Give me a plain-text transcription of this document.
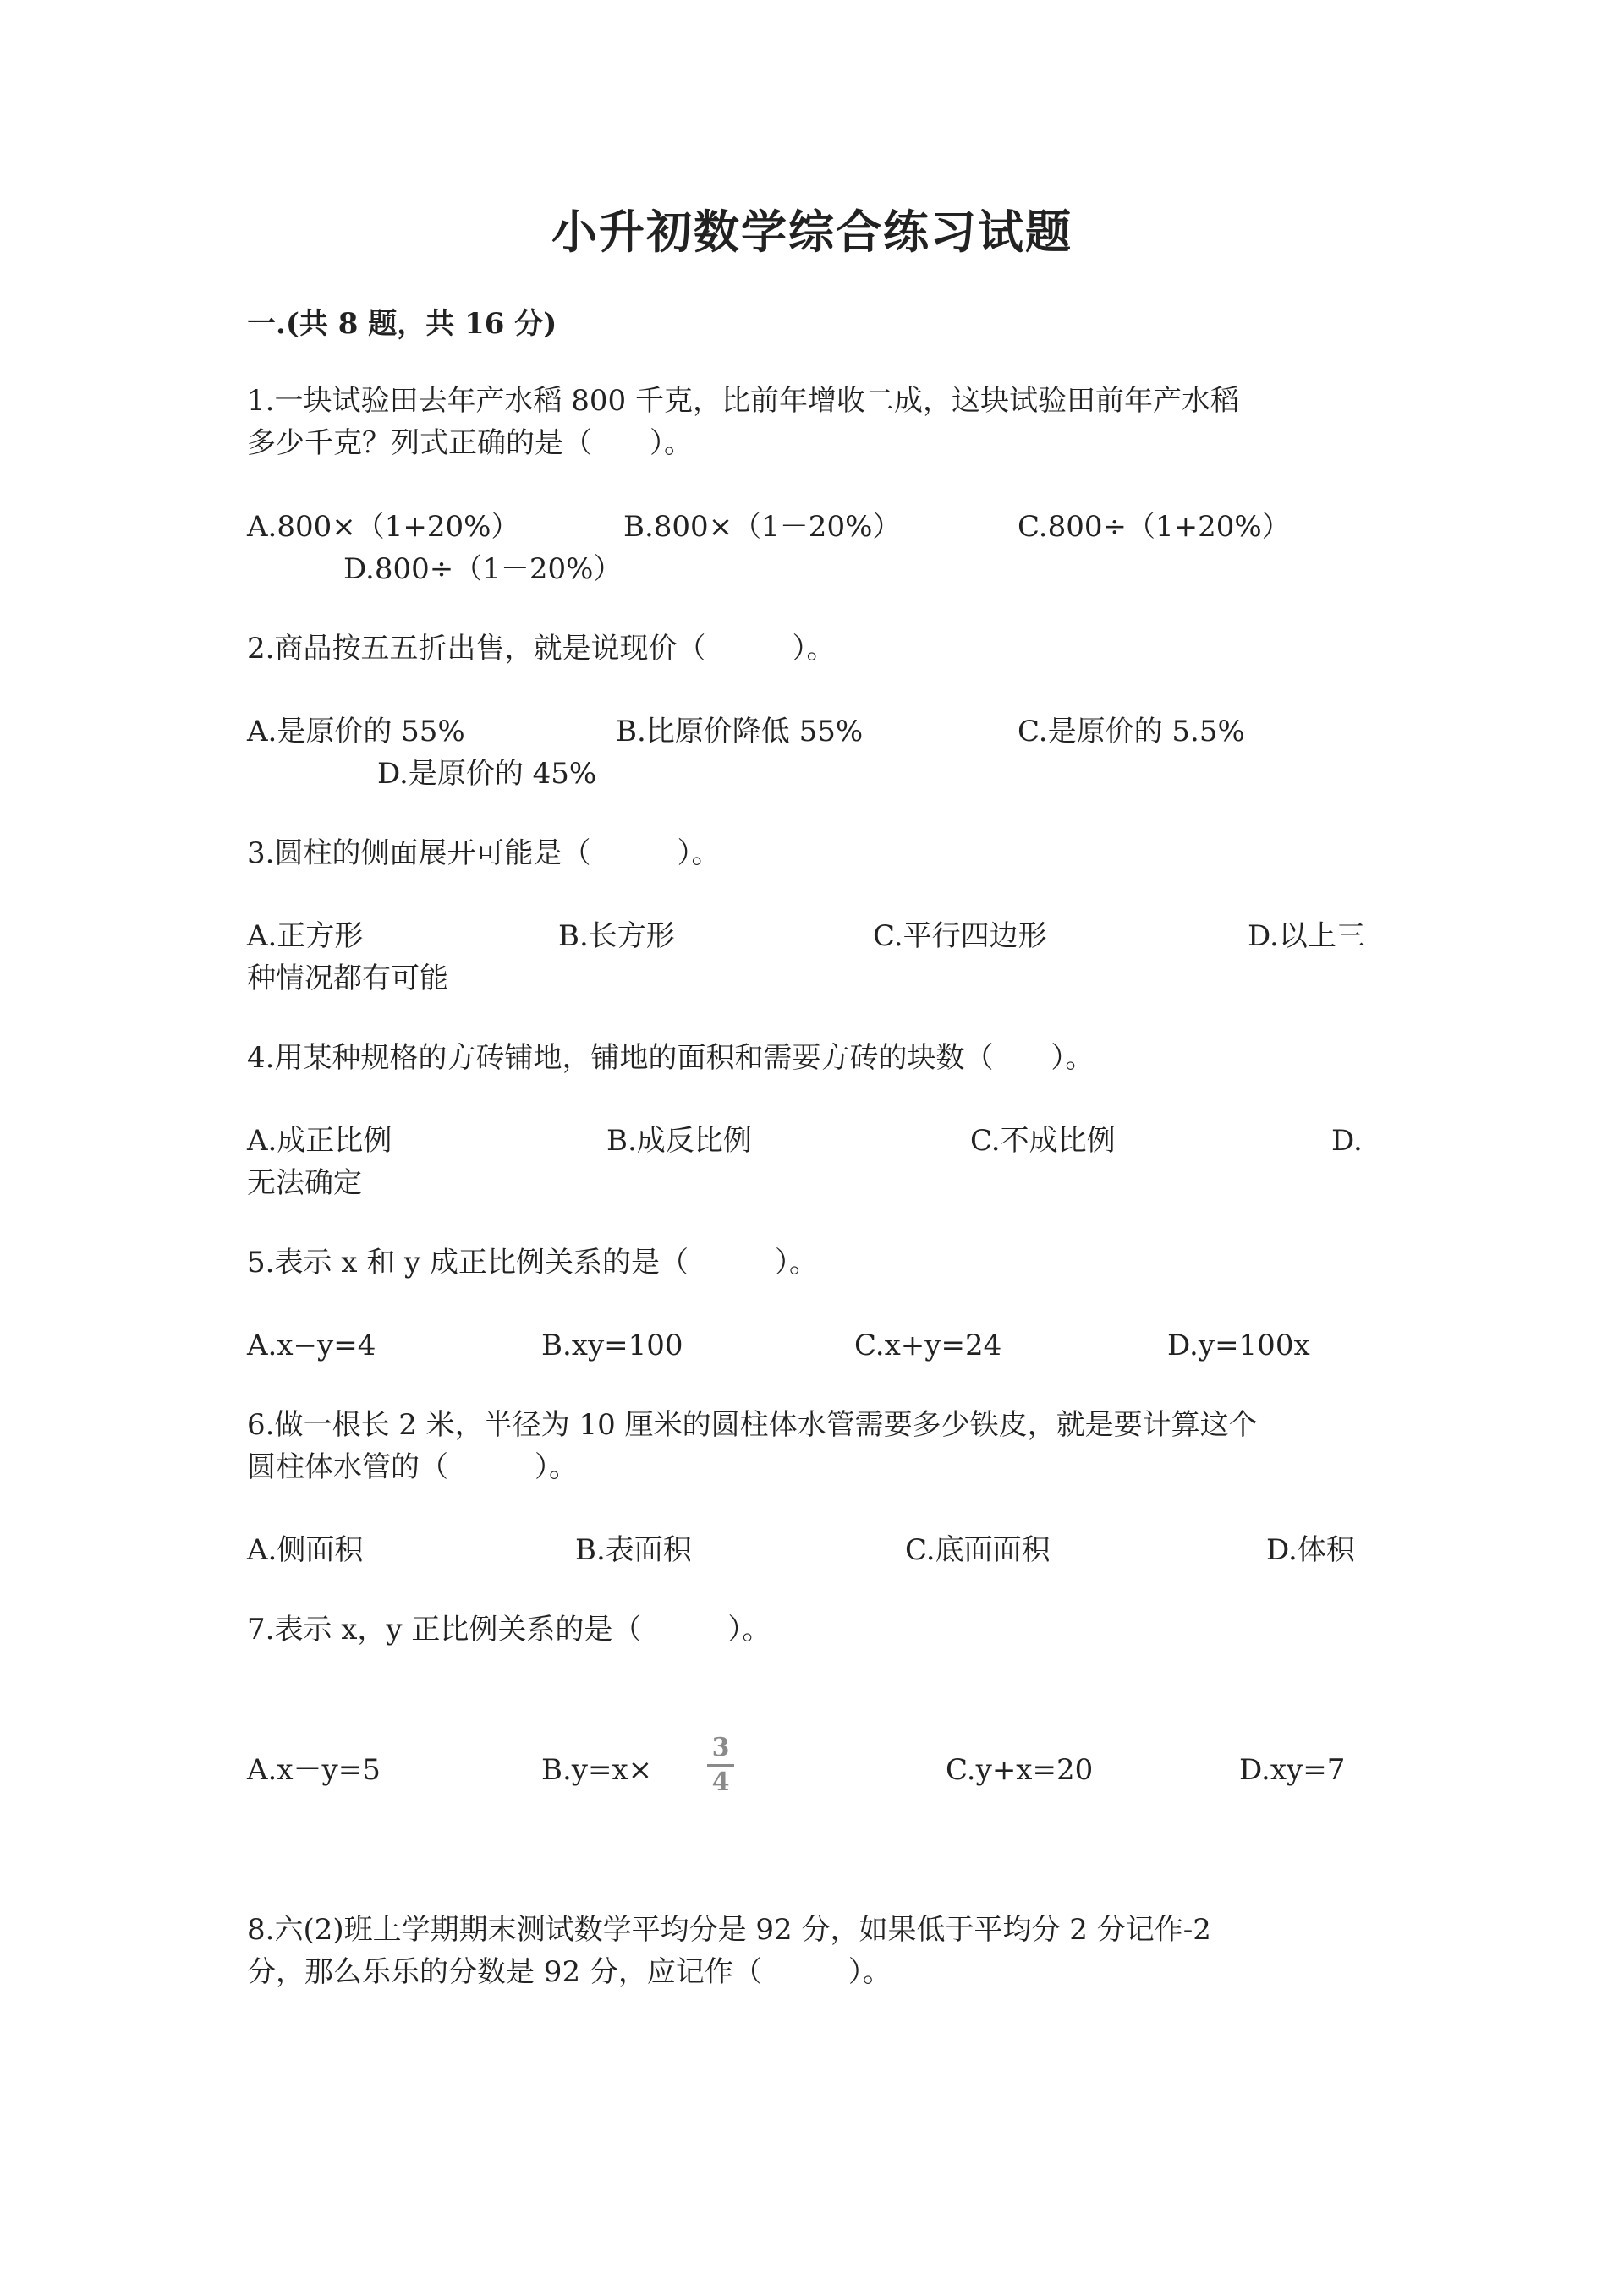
小升初数学综合练习试题
一.(共 8 题，共 16 分)
1.一块试验田去年产水稻 800 千克，比前年增收二成，这块试验田前年产水稻
多少千克？列式正确的是（　　）。
A.800×（1+20%）	B.800×（1－20%）	C.800÷（1+20%）
D.800÷（1－20%）
2.商品按五五折出售，就是说现价（　　　）。
A.是原价的 55%	B.比原价降低 55%	C.是原价的 5.5%
D.是原价的 45%
3.圆柱的侧面展开可能是（　　　）。
A.正方形	B.长方形	C.平行四边形	D.以上三
种情况都有可能
4.用某种规格的方砖铺地，铺地的面积和需要方砖的块数（　　）。
A.成正比例	B.成反比例	C.不成比例	D.
无法确定
5.表示 x 和 y 成正比例关系的是（　　　）。
A.x−y=4	B.xy=100	C.x+y=24	D.y=100x
6.做一根长 2 米，半径为 10 厘米的圆柱体水管需要多少铁皮，就是要计算这个
圆柱体水管的（　　　）。
A.侧面积	B.表面积	C.底面面积	D.体积
7.表示 x，y 正比例关系的是（　　　）。
A.x－y=5	B.y=x×
3
4	C.y+x=20	D.xy=7
8.六(2)班上学期期末测试数学平均分是 92 分，如果低于平均分 2 分记作-2
分，那么乐乐的分数是 92 分，应记作（　　　）。
